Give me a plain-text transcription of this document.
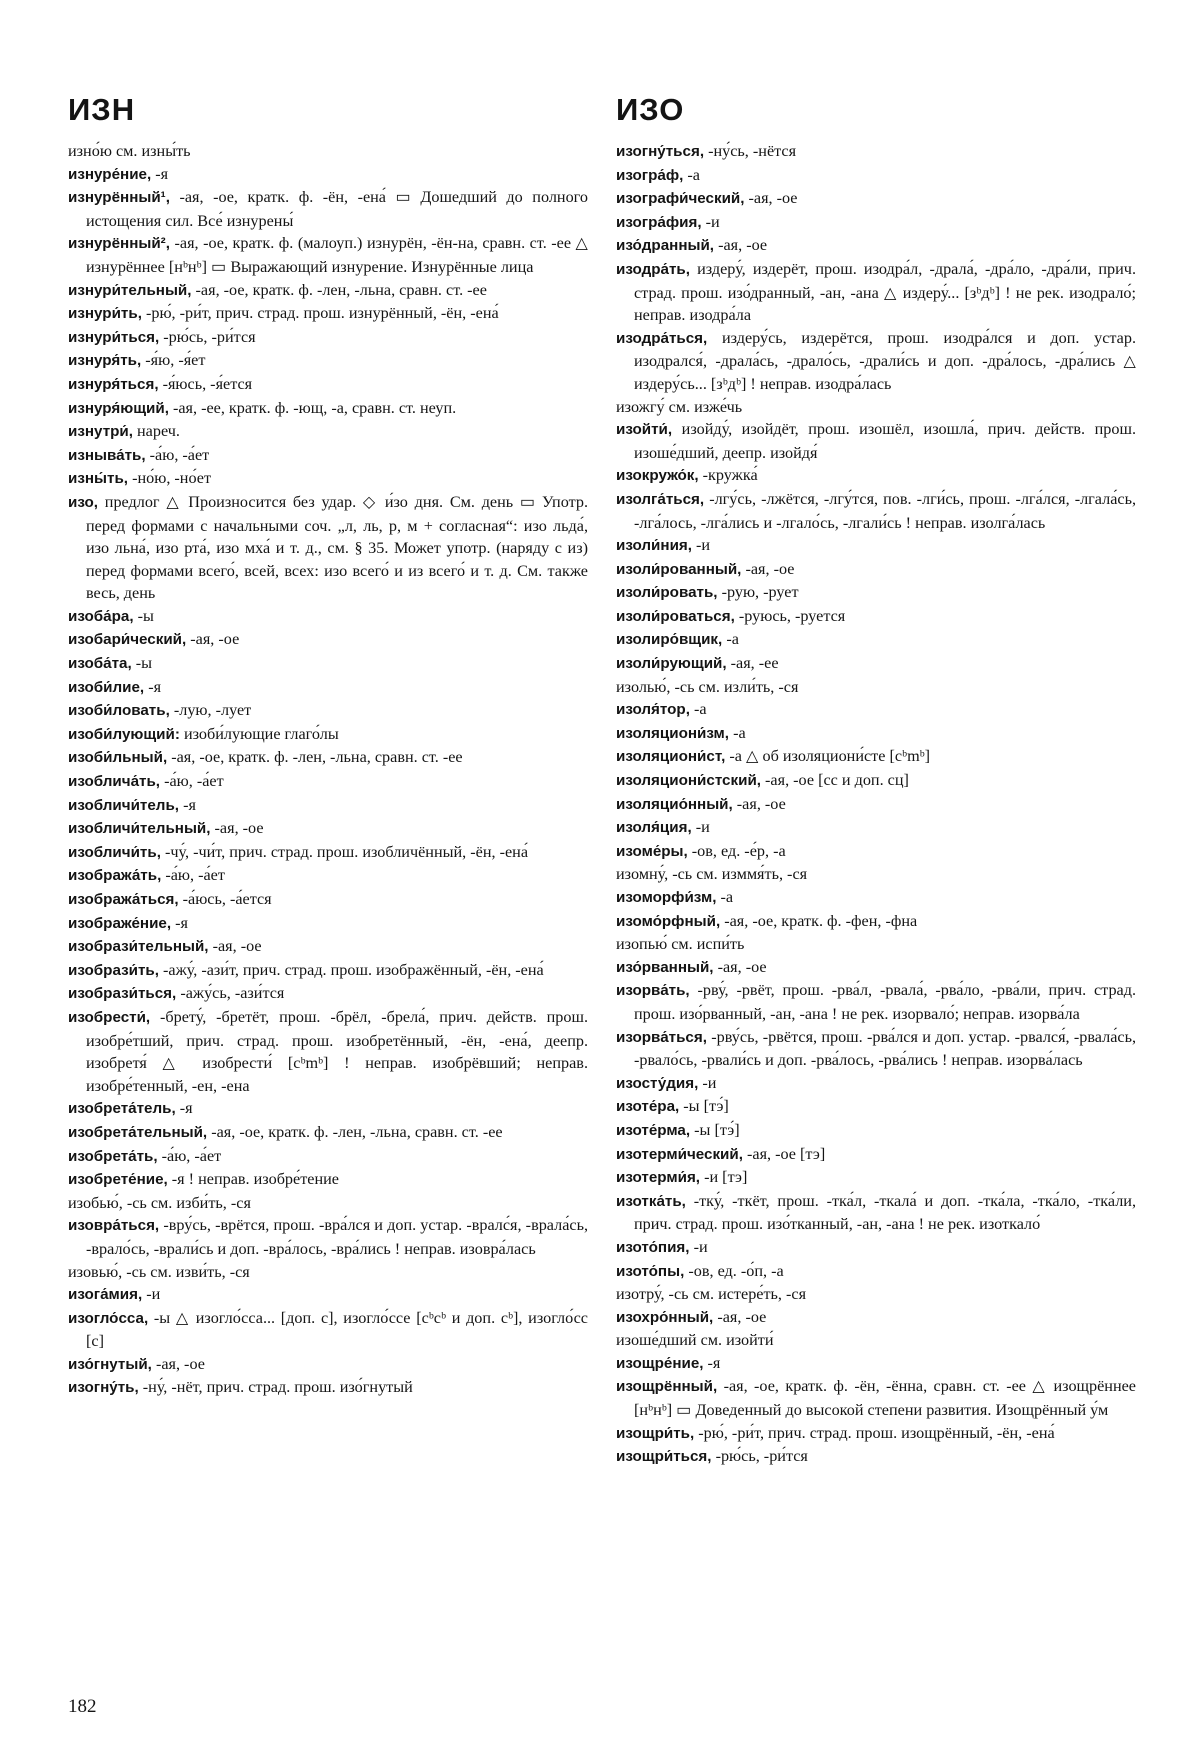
ИЗН
изно́ю см. изны́ть
изнуре́ние, -я
изнурённый¹, -ая, -ое, кратк. ф. -ён, -ена́ ▭ Дошедший до полного истощения сил. Все́ изнурены́
изнурённый², -ая, -ое, кратк. ф. (малоуп.) изнурён, -ён-на, сравн. ст. -ее △ изнурённее [нᵇнᵇ] ▭ Выражающий изнурение. Изнурённые лица
изнури́тельный, -ая, -ое, кратк. ф. -лен, -льна, сравн. ст. -ее
изнури́ть, -рю́, -ри́т, прич. страд. прош. изнурённый, -ён, -ена́
изнури́ться, -рю́сь, -ри́тся
изнуря́ть, -я́ю, -я́ет
изнуря́ться, -я́юсь, -я́ется
изнуря́ющий, -ая, -ее, кратк. ф. -ющ, -а, сравн. ст. неуп.
изнутри́, нареч.
изныва́ть, -а́ю, -а́ет
изны́ть, -но́ю, -но́ет
изо, предлог △ Произносится без удар. ◇ и́зо дня. См. день ▭ Употр. перед формами с начальными соч. „л, ль, р, м + согласная“: изо льда́, изо льна́, изо рта́, изо мха́ и т. д., см. § 35. Может употр. (наряду с из) перед формами всего́, всей, всех: изо всего́ и из всего́ и т. д. См. также весь, день
изоба́ра, -ы
изобари́ческий, -ая, -ое
изоба́та, -ы
изоби́лие, -я
изоби́ловать, -лую, -лует
изоби́лующий: изоби́лующие глаго́лы
изоби́льный, -ая, -ое, кратк. ф. -лен, -льна, сравн. ст. -ее
изоблича́ть, -а́ю, -а́ет
изобличи́тель, -я
изобличи́тельный, -ая, -ое
изобличи́ть, -чу́, -чи́т, прич. страд. прош. изобличённый, -ён, -ена́
изобража́ть, -а́ю, -а́ет
изобража́ться, -а́юсь, -а́ется
изображе́ние, -я
изобрази́тельный, -ая, -ое
изобрази́ть, -ажу́, -ази́т, прич. страд. прош. изображённый, -ён, -ена́
изобрази́ться, -ажу́сь, -ази́тся
изобрести́, -брету́, -бретёт, прош. -брёл, -брела́, прич. действ. прош. изобре́тший, прич. страд. прош. изобретённый, -ён, -ена́, деепр. изобретя́ △ изобрести́ [cᵇmᵇ] ! неправ. изобрёвший; неправ. изобре́тенный, -ен, -ена
изобрета́тель, -я
изобрета́тельный, -ая, -ое, кратк. ф. -лен, -льна, сравн. ст. -ее
изобрета́ть, -а́ю, -а́ет
изобрете́ние, -я ! неправ. изобре́тение
изобью́, -сь см. изби́ть, -ся
изовра́ться, -вру́сь, -врётся, прош. -вра́лся и доп. устар. -вралс́я, -врала́сь, -врало́сь, -врали́сь и доп. -вра́лось, -вра́лись ! неправ. изовра́лась
изовью́, -сь см. изви́ть, -ся
изога́мия, -и
изогло́сса, -ы △ изогло́сса... [доп. с], изогло́ссе [cᵇcᵇ и доп. cᵇ], изогло́сс [с]
изо́гнутый, -ая, -ое
изогну́ть, -ну́, -нёт, прич. страд. прош. изо́гнутый
ИЗО
изогну́ться, -ну́сь, -нётся
изогра́ф, -а
изографи́ческий, -ая, -ое
изогра́фия, -и
изо́дранный, -ая, -ое
изодра́ть, издеру́, издерёт, прош. изодра́л, -драла́, -дра́ло, -дра́ли, прич. страд. прош. изо́дранный, -ан, -ана △ издеру́... [зᵇдᵇ] ! не рек. изодрало́; неправ. изодра́ла
изодра́ться, издеру́сь, издерётся, прош. изодра́лся и доп. устар. изодрался́, -драла́сь, -драло́сь, -драли́сь и доп. -дра́лось, -дра́лись △ издеру́сь... [зᵇдᵇ] ! неправ. изодра́лась
изожгу́ см. изже́чь
изойти́, изойду́, изойдёт, прош. изошёл, изошла́, прич. действ. прош. изоше́дший, деепр. изойдя́
изокружо́к, -кружка́
изолга́ться, -лгу́сь, -лжётся, -лгу́тся, пов. -лги́сь, прош. -лга́лся, -лгала́сь, -лга́лось, -лга́лись и -лгало́сь, -лгали́сь ! неправ. изолга́лась
изоли́ния, -и
изоли́рованный, -ая, -ое
изоли́ровать, -рую, -рует
изоли́роваться, -руюсь, -руется
изолиро́вщик, -а
изоли́рующий, -ая, -ее
изолью́, -сь см. изли́ть, -ся
изоля́тор, -а
изоляциони́зм, -а
изоляциони́ст, -а △ об изоляциони́сте [cᵇmᵇ]
изоляциони́стский, -ая, -ое [сс и доп. сц]
изоляцио́нный, -ая, -ое
изоля́ция, -и
изоме́ры, -ов, ед. -е́р, -а
изомну́, -сь см. изммя́ть, -ся
изоморфи́зм, -а
изомо́рфный, -ая, -ое, кратк. ф. -фен, -фна
изопью́ см. испи́ть
изо́рванный, -ая, -ое
изорва́ть, -рву́, -рвёт, прош. -рва́л, -рвала́, -рва́ло, -рва́ли, прич. страд. прош. изо́рванный, -ан, -ана ! не рек. изорвало́; неправ. изорва́ла
изорва́ться, -рву́сь, -рвётся, прош. -рва́лся и доп. устар. -рвался́, -рвала́сь, -рвало́сь, -рвали́сь и доп. -рва́лось, -рва́лись ! неправ. изорва́лась
изосту́дия, -и
изоте́ра, -ы [тэ́]
изоте́рма, -ы [тэ́]
изотерми́ческий, -ая, -ое [тэ]
изотерми́я, -и [тэ]
изотка́ть, -тку́, -ткёт, прош. -тка́л, -ткала́ и доп. -тка́ла, -тка́ло, -тка́ли, прич. страд. прош. изо́тканный, -ан, -ана ! не рек. изоткало́
изото́пия, -и
изото́пы, -ов, ед. -о́п, -а
изотру́, -сь см. истере́ть, -ся
изохро́нный, -ая, -ое
изоше́дший см. изойти́
изощре́ние, -я
изощрённый, -ая, -ое, кратк. ф. -ён, -ённа, сравн. ст. -ее △ изощрённее [нᵇнᵇ] ▭ Доведенный до высокой степени развития. Изощрённый у́м
изощри́ть, -рю́, -ри́т, прич. страд. прош. изощрённый, -ён, -ена́
изощри́ться, -рю́сь, -ри́тся
182
